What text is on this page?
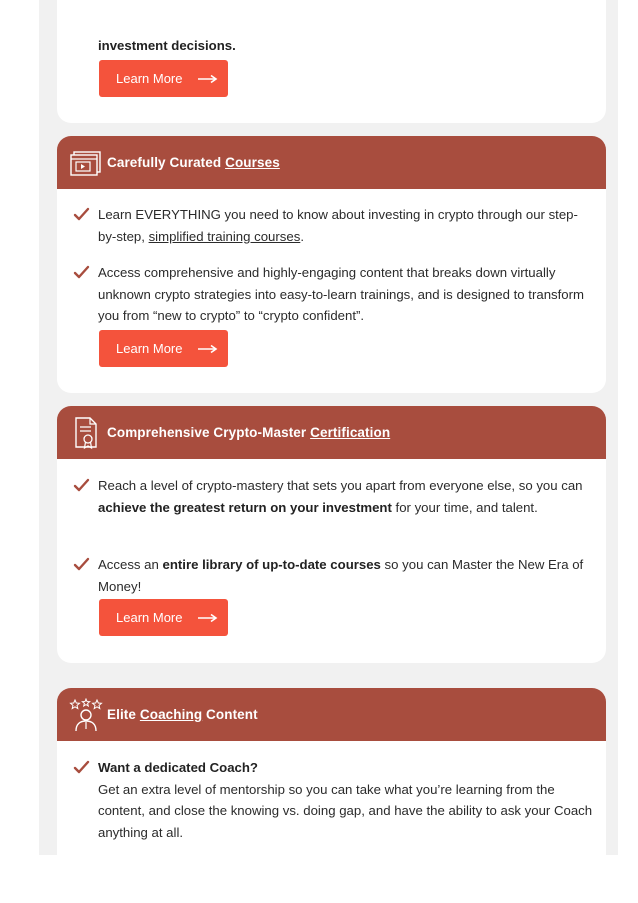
investment decisions.
Learn More
Carefully Curated Courses
Learn EVERYTHING you need to know about investing in crypto through our step-by-step, simplified training courses.
Access comprehensive and highly-engaging content that breaks down virtually unknown crypto strategies into easy-to-learn trainings, and is designed to transform you from “new to crypto” to “crypto confident”.
Learn More
Comprehensive Crypto-Master Certification
Reach a level of crypto-mastery that sets you apart from everyone else, so you can achieve the greatest return on your investment for your time, and talent.
Access an entire library of up-to-date courses so you can Master the New Era of Money!
Learn More
Elite Coaching Content
Want a dedicated Coach?
Get an extra level of mentorship so you can take what you’re learning from the content, and close the knowing vs. doing gap, and have the ability to ask your Coach anything at all.
